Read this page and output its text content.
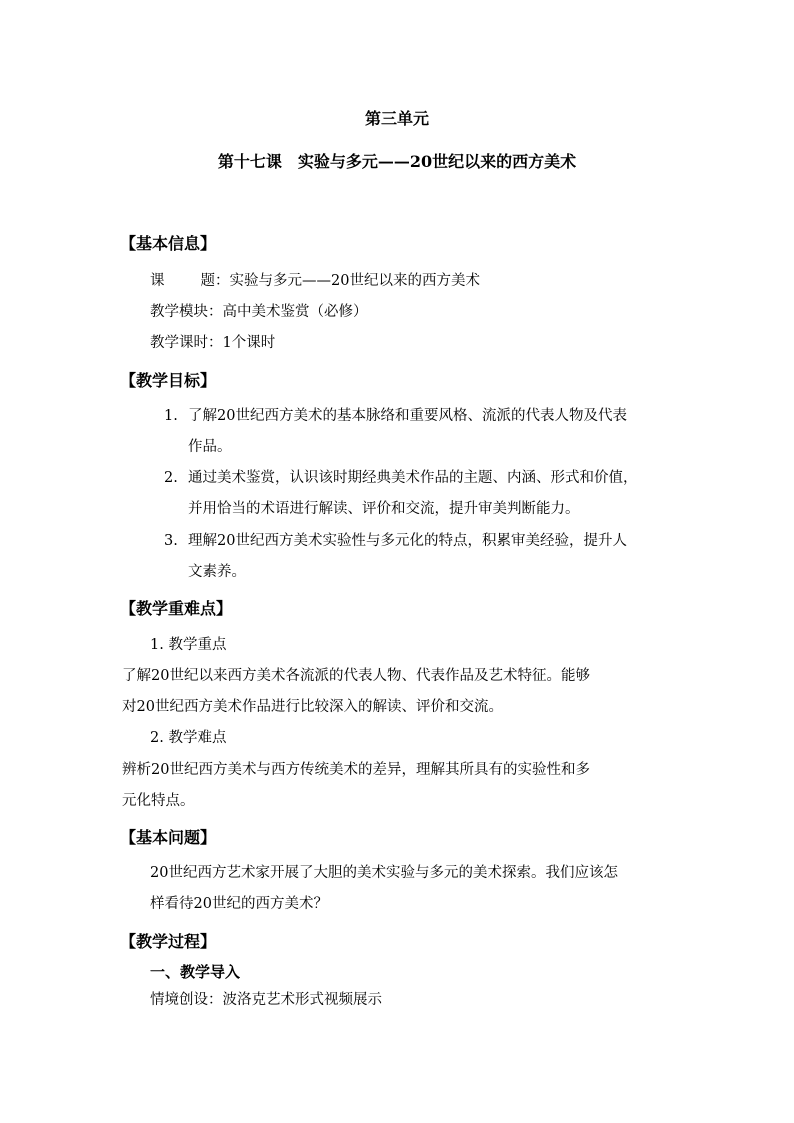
第三单元
第十七课　实验与多元——20世纪以来的西方美术
【基本信息】
课 题：实验与多元——20世纪以来的西方美术
教学模块：高中美术鉴赏（必修）
教学课时：1个课时
【教学目标】
1. 了解20世纪西方美术的基本脉络和重要风格、流派的代表人物及代表
作品。
2. 通过美术鉴赏，认识该时期经典美术作品的主题、内涵、形式和价值，
并用恰当的术语进行解读、评价和交流，提升审美判断能力。
3. 理解20世纪西方美术实验性与多元化的特点，积累审美经验，提升人
文素养。
【教学重难点】
1. 教学重点
了解20世纪以来西方美术各流派的代表人物、代表作品及艺术特征。能够
对20世纪西方美术作品进行比较深入的解读、评价和交流。
2. 教学难点
辨析20世纪西方美术与西方传统美术的差异，理解其所具有的实验性和多
元化特点。
【基本问题】
20世纪西方艺术家开展了大胆的美术实验与多元的美术探索。我们应该怎
样看待20世纪的西方美术？
【教学过程】
一、教学导入
情境创设：波洛克艺术形式视频展示
